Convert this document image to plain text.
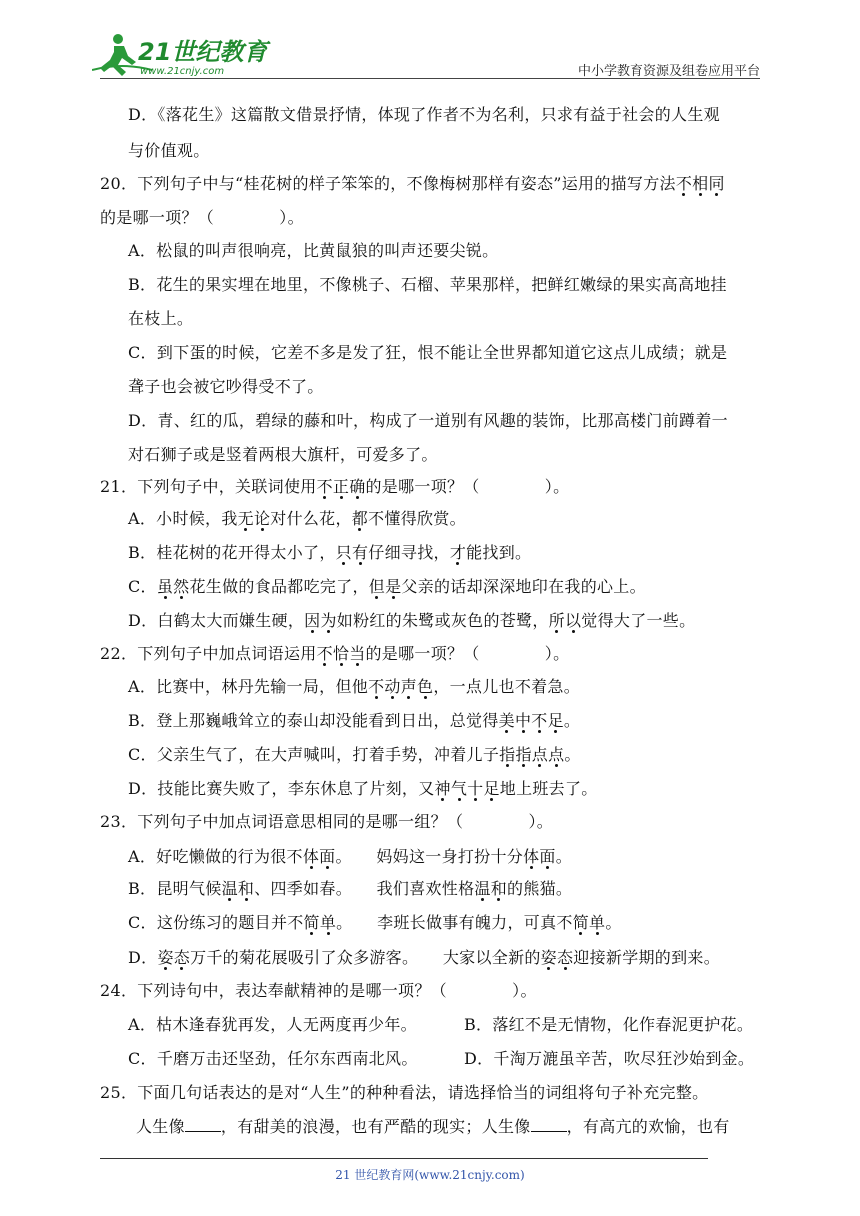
21世纪教育
www.21cnjy.com	中小学教育资源及组卷应用平台
D．《落花生》这篇散文借景抒情，体现了作者不为名利，只求有益于社会的人生观
与价值观。
20．下列句子中与“桂花树的样子笨笨的，不像梅树那样有姿态”运用的描写方法不相同
的是哪一项？（　　　　）。
A．松鼠的叫声很响亮，比黄鼠狼的叫声还要尖锐。
B．花生的果实埋在地里，不像桃子、石榴、苹果那样，把鲜红嫩绿的果实高高地挂
在枝上。
C．到下蛋的时候，它差不多是发了狂，恨不能让全世界都知道它这点儿成绩；就是
聋子也会被它吵得受不了。
D．青、红的瓜，碧绿的藤和叶，构成了一道别有风趣的装饰，比那高楼门前蹲着一
对石狮子或是竖着两根大旗杆，可爱多了。
21．下列句子中，关联词使用不正确的是哪一项？（　　　　）。
A．小时候，我无论对什么花，都不懂得欣赏。
B．桂花树的花开得太小了，只有仔细寻找，才能找到。
C．虽然花生做的食品都吃完了，但是父亲的话却深深地印在我的心上。
D．白鹤太大而嫌生硬，因为如粉红的朱鹭或灰色的苍鹭，所以觉得大了一些。
22．下列句子中加点词语运用不恰当的是哪一项？（　　　　）。
A．比赛中，林丹先输一局，但他不动声色，一点儿也不着急。
B．登上那巍峨耸立的泰山却没能看到日出，总觉得美中不足。
C．父亲生气了，在大声喊叫，打着手势，冲着儿子指指点点。
D．技能比赛失败了，李东休息了片刻，又神气十足地上班去了。
23．下列句子中加点词语意思相同的是哪一组？（　　　　）。
A．好吃懒做的行为很不体面。　　妈妈这一身打扮十分体面。
B．昆明气候温和、四季如春。　　我们喜欢性格温和的熊猫。
C．这份练习的题目并不简单。　　李班长做事有魄力，可真不简单。
D．姿态万千的菊花展吸引了众多游客。　　大家以全新的姿态迎接新学期的到来。
24．下列诗句中，表达奉献精神的是哪一项？（　　　　）。
A．枯木逢春犹再发，人无两度再少年。	B．落红不是无情物，化作春泥更护花。
C．千磨万击还坚劲，任尔东西南北风。	D．千淘万漉虽辛苦，吹尽狂沙始到金。
25．下面几句话表达的是对“人生”的种种看法，请选择恰当的词组将句子补充完整。
人生像 ，有甜美的浪漫，也有严酷的现实；人生像 ，有高亢的欢愉，也有
21 世纪教育网(www.21cnjy.com)
